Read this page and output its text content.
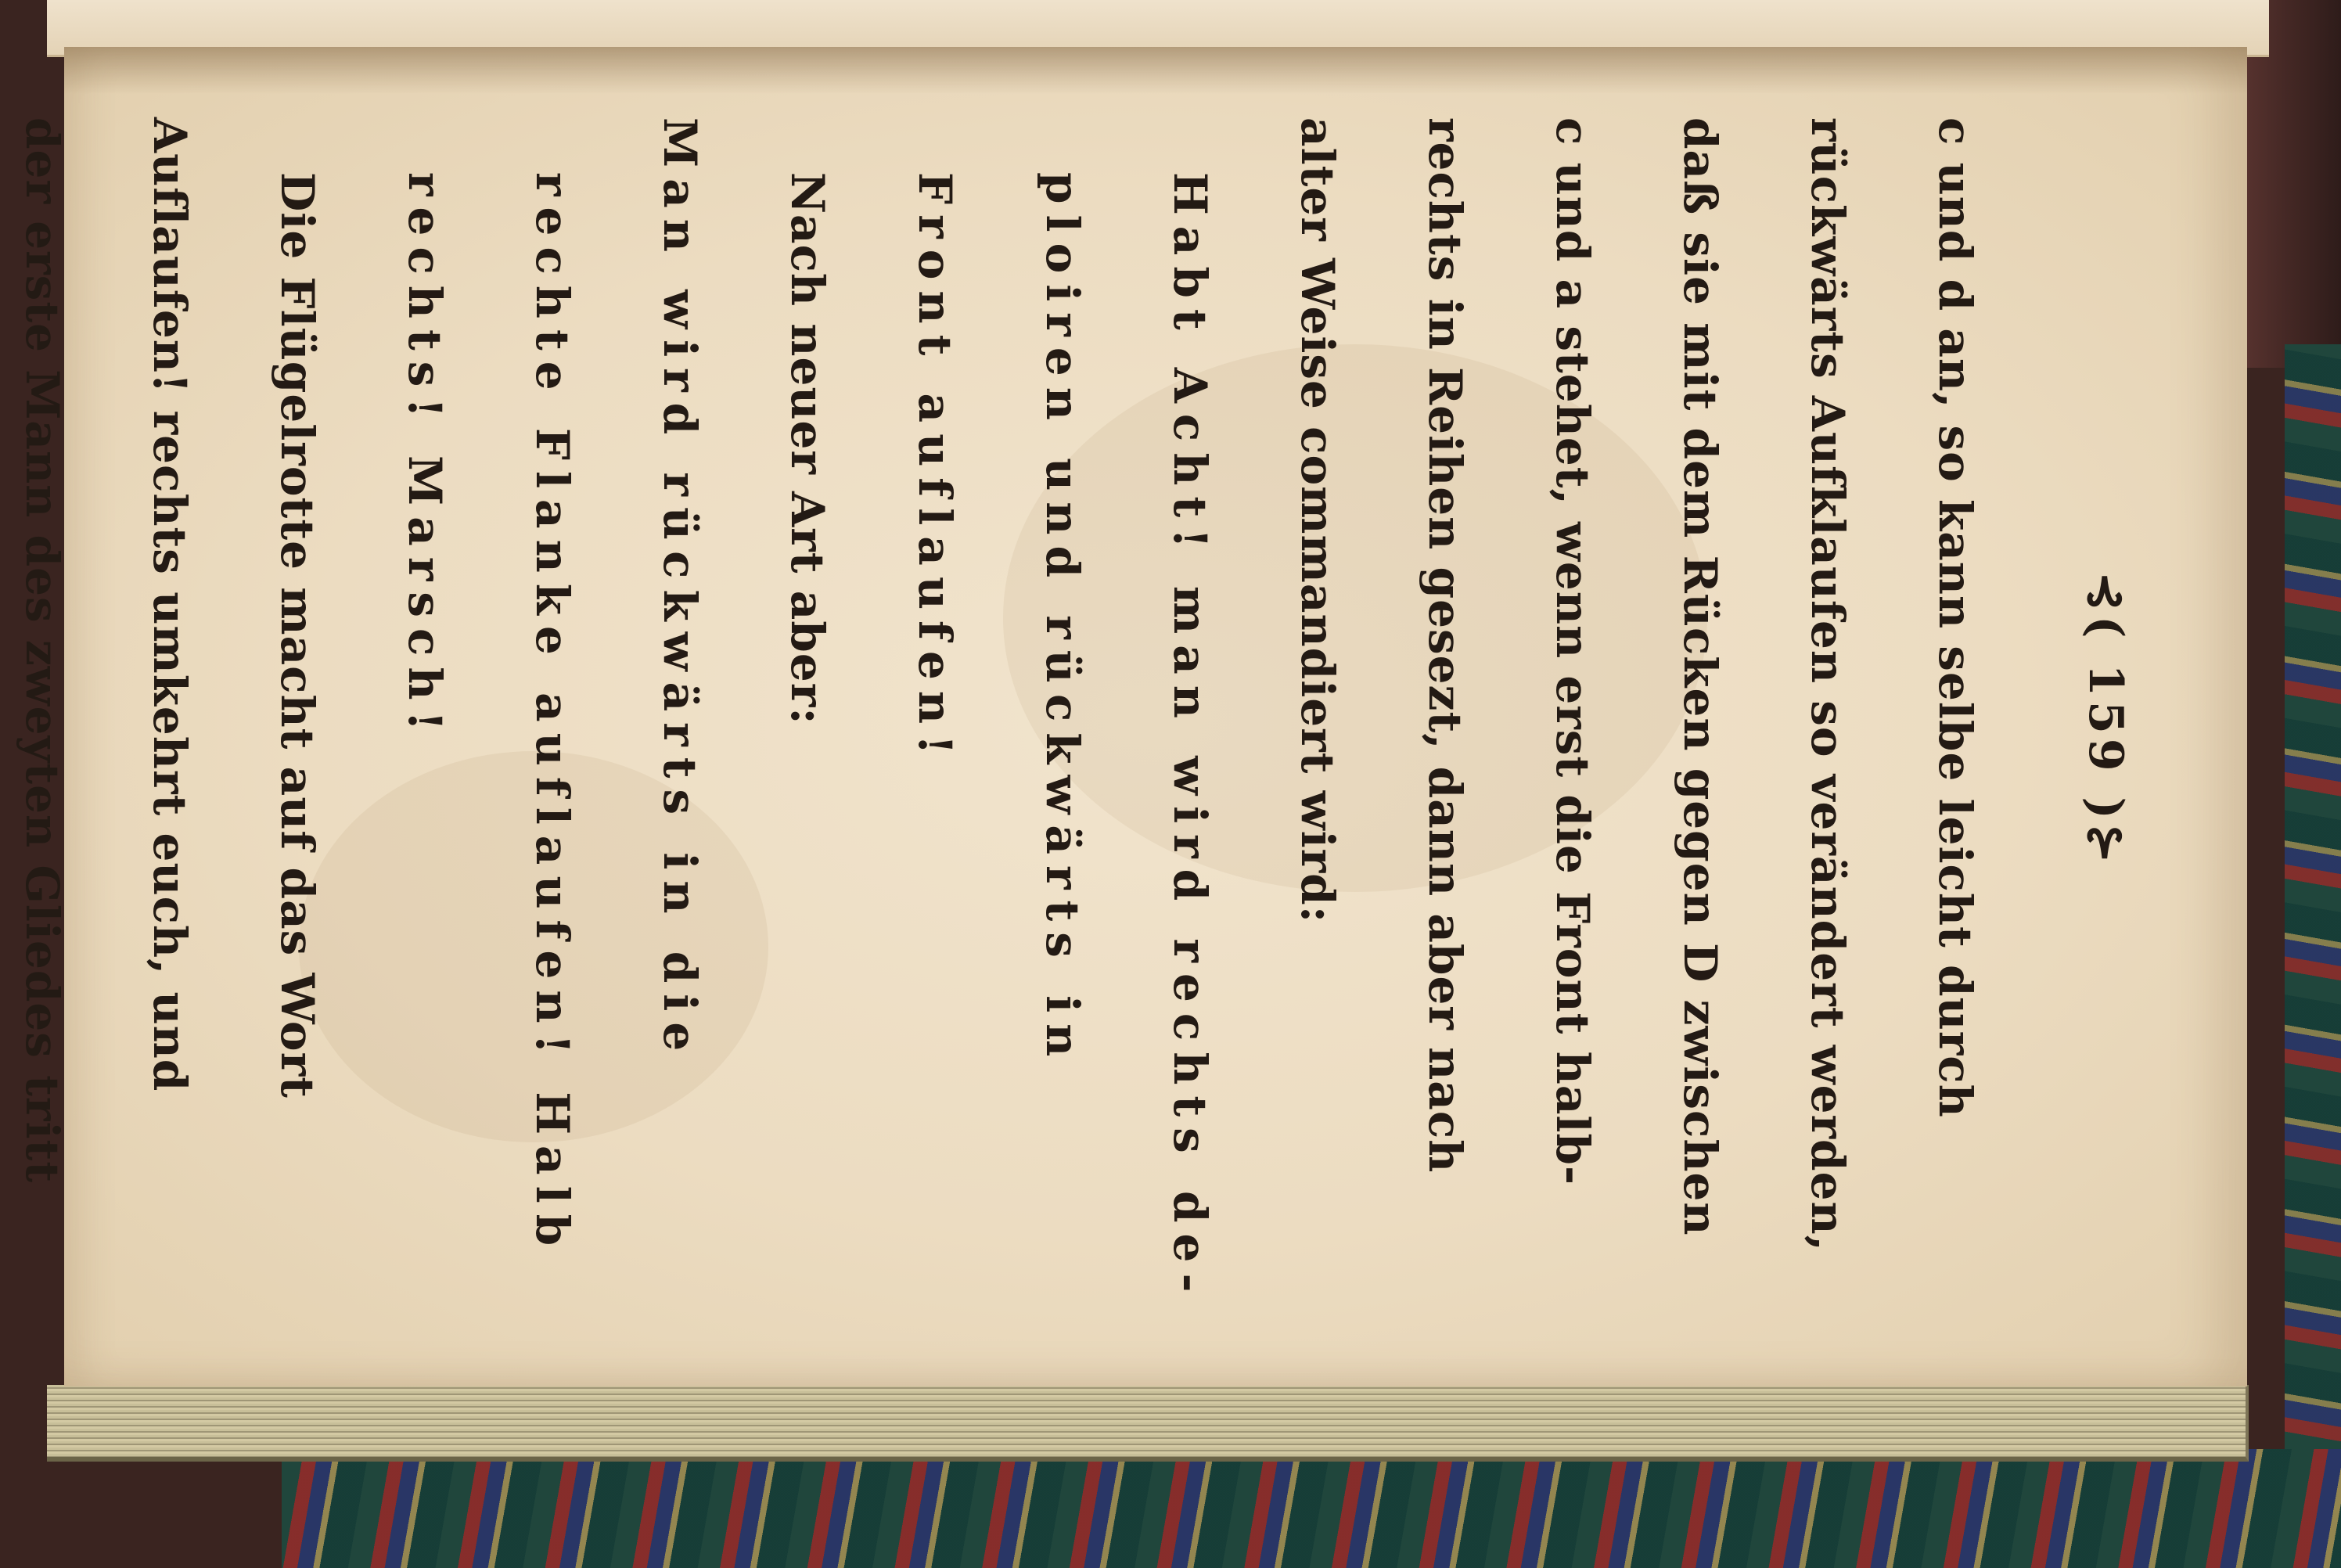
⊰( 159 )⊱
c und d an, so kann selbe leicht durch
rückwärts Aufklaufen so verändert werden,
daß sie mit dem Rücken gegen D zwischen
c und a stehet, wenn erst die Front halb-
rechts in Reihen gesezt, dann aber nach
alter Weise commandiert wird:
Habt Acht! man wird rechts de-
ploiren und rückwärts in
Front auflaufen!
Nach neuer Art aber:
Man wird rückwärts in die
rechte Flanke auflaufen! Halb
rechts! Marsch!
Die Flügelrotte macht auf das Wort
Auflaufen! rechts umkehrt euch, und
der erste Mann des zweyten Gliedes tritt
